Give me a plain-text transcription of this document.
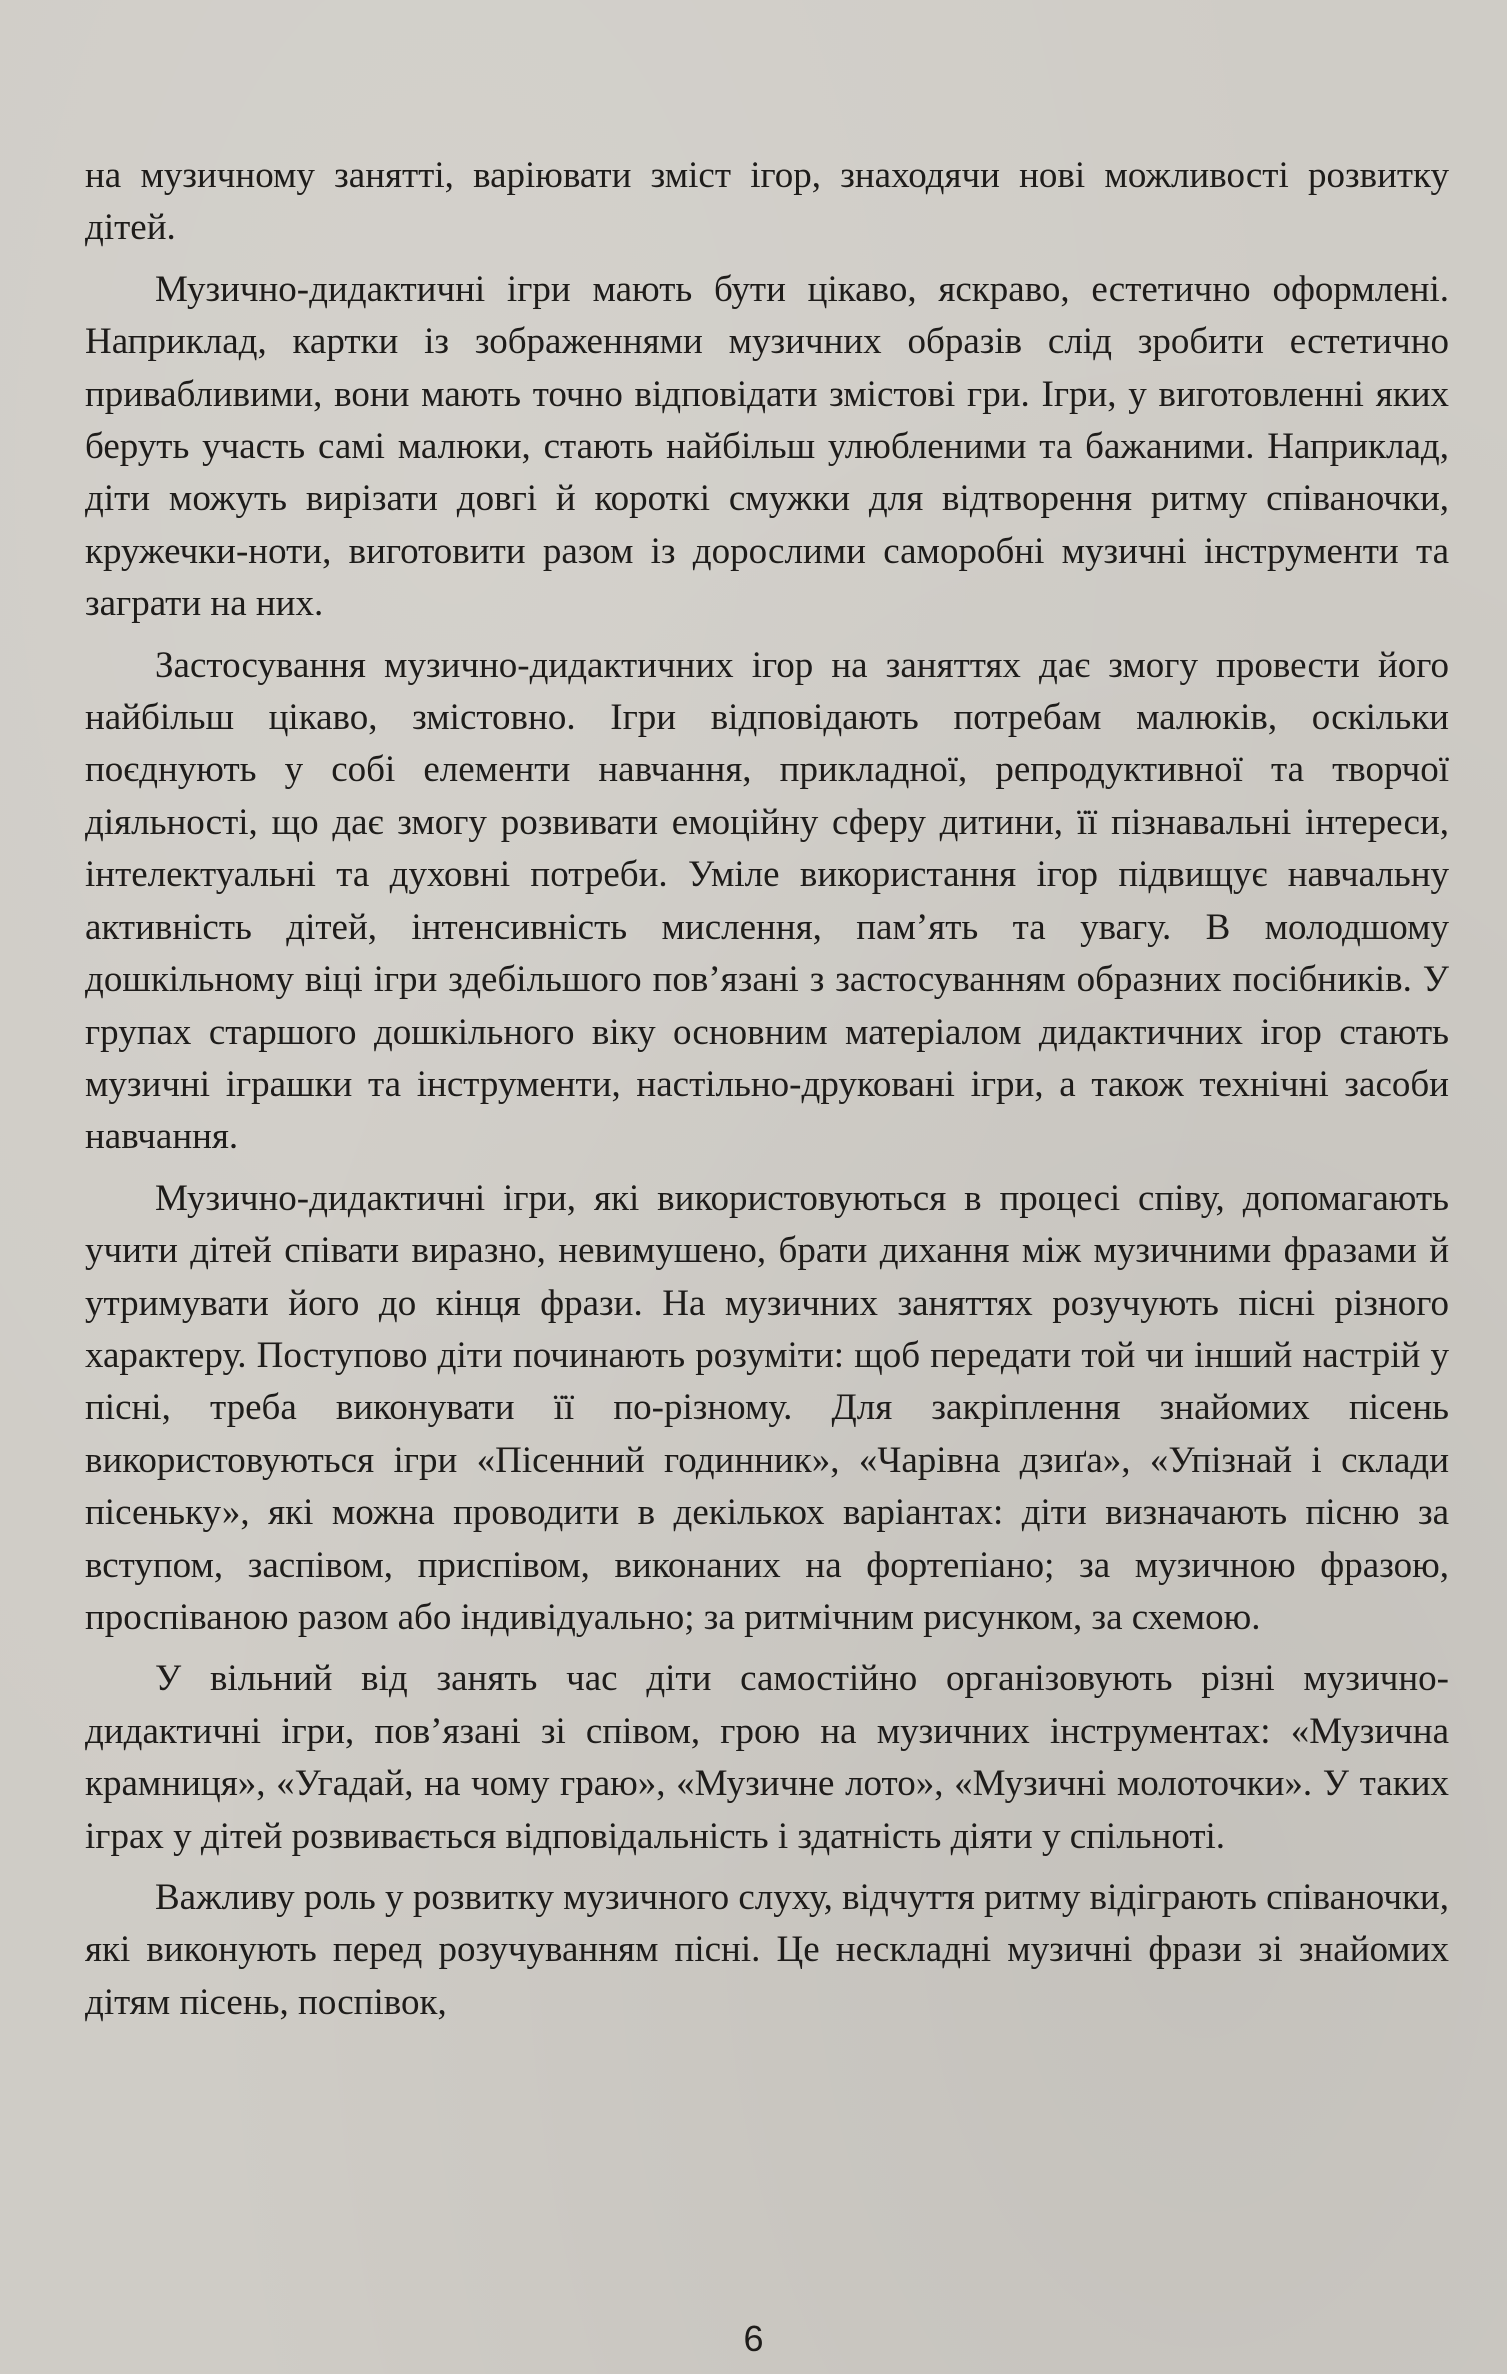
на музичному занятті, варіювати зміст ігор, знаходячи нові можливості розвитку дітей.

Музично-дидактичні ігри мають бути цікаво, яскраво, естетично оформлені. Наприклад, картки із зображеннями музичних образів слід зробити естетично привабливими, вони мають точно відповідати змістові гри. Ігри, у виготовленні яких беруть участь самі малюки, стають найбільш улюбленими та бажаними. Наприклад, діти можуть вирізати довгі й короткі смужки для відтворення ритму співаночки, кружечки-ноти, виготовити разом із дорослими саморобні музичні інструменти та заграти на них.

Застосування музично-дидактичних ігор на заняттях дає змогу провести його найбільш цікаво, змістовно. Ігри відповідають потребам малюків, оскільки поєднують у собі елементи навчання, прикладної, репродуктивної та творчої діяльності, що дає змогу розвивати емоційну сферу дитини, її пізнавальні інтереси, інтелектуальні та духовні потреби. Уміле використання ігор підвищує навчальну активність дітей, інтенсивність мислення, пам’ять та увагу. В молодшому дошкільному віці ігри здебільшого пов’язані з застосуванням образних посібників. У групах старшого дошкільного віку основним матеріалом дидактичних ігор стають музичні іграшки та інструменти, настільно-друковані ігри, а також технічні засоби навчання.

Музично-дидактичні ігри, які використовуються в процесі співу, допомагають учити дітей співати виразно, невимушено, брати дихання між музичними фразами й утримувати його до кінця фрази. На музичних заняттях розучують пісні різного характеру. Поступово діти починають розуміти: щоб передати той чи інший настрій у пісні, треба виконувати її по-різному. Для закріплення знайомих пісень використовуються ігри «Пісенний годинник», «Чарівна дзиґа», «Упізнай і склади пісеньку», які можна проводити в декількох варіантах: діти визначають пісню за вступом, заспівом, приспівом, виконаних на фортепіано; за музичною фразою, проспіваною разом або індивідуально; за ритмічним рисунком, за схемою.

У вільний від занять час діти самостійно організовують різні музично-дидактичні ігри, пов’язані зі співом, грою на музичних інструментах: «Музична крамниця», «Угадай, на чому граю», «Музичне лото», «Музичні молоточки». У таких іграх у дітей розвивається відповідальність і здатність діяти у спільноті.

Важливу роль у розвитку музичного слуху, відчуття ритму відіграють співаночки, які виконують перед розучуванням пісні. Це нескладні музичні фрази зі знайомих дітям пісень, поспівок,

6
